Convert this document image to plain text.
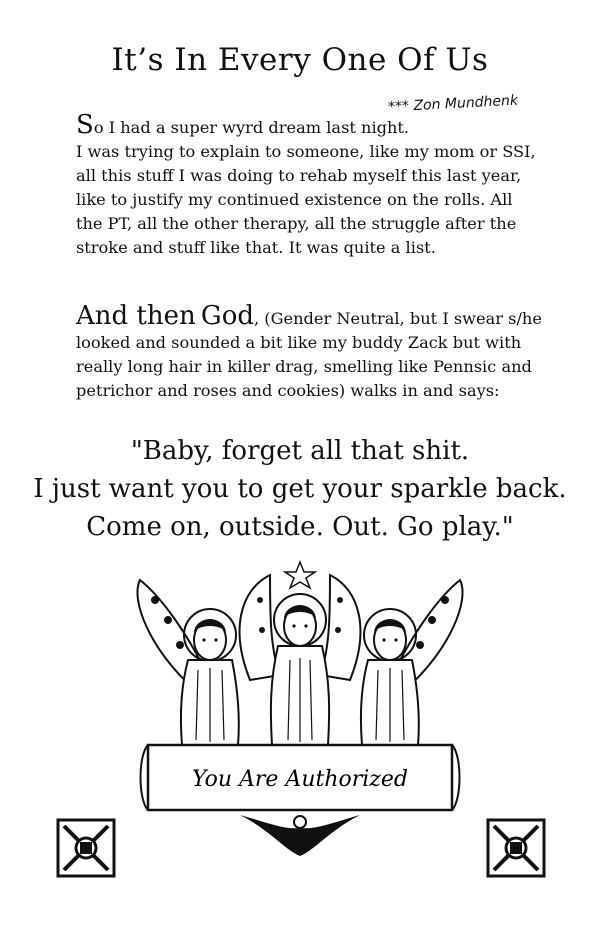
It’s In Every One Of Us
*** Zon Mundhenk
So I had a super wyrd dream last night.
I was trying to explain to someone, like my mom or SSI,
all this stuff I was doing to rehab myself this last year,
like to justify my continued existence on the rolls. All
the PT, all the other therapy, all the struggle after the
stroke and stuff like that. It was quite a list.
And then God, (Gender Neutral, but I swear s/he
looked and sounded a bit like my buddy Zack but with
really long hair in killer drag, smelling like Pennsic and
petrichor and roses and cookies) walks in and says:
"Baby, forget all that shit.
I just want you to get your sparkle back.
Come on, outside. Out. Go play."
You Are Authorized
